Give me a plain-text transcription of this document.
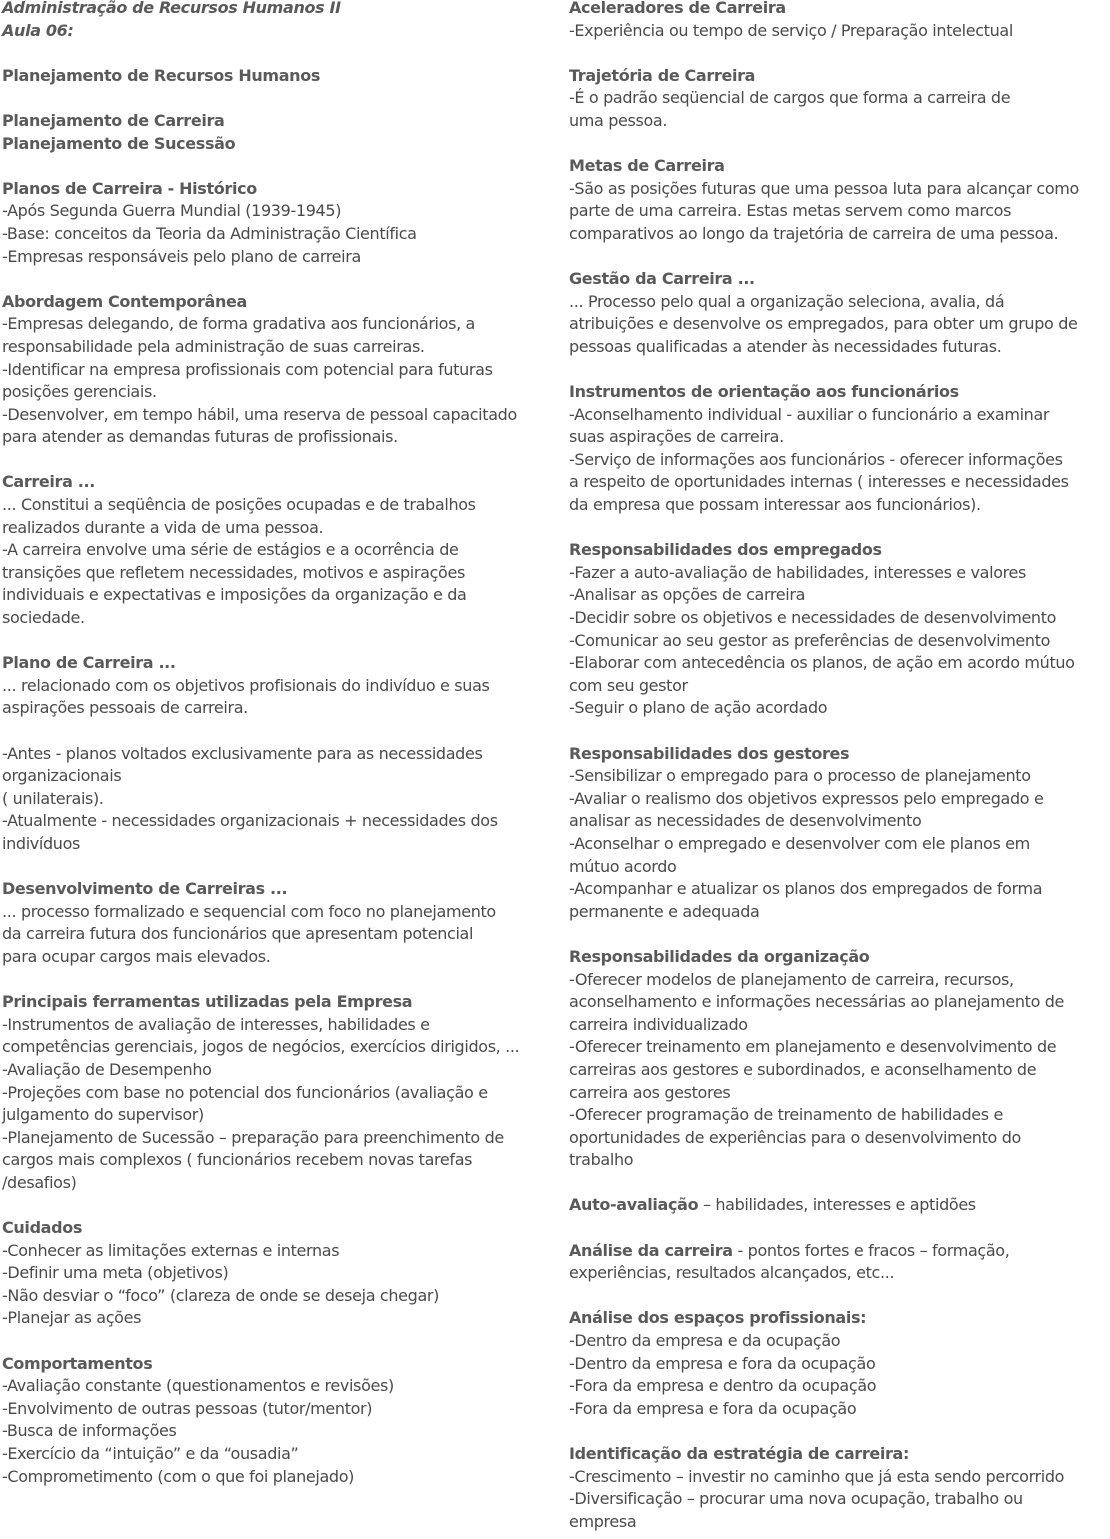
Administração de Recursos Humanos II
Aula 06:
Planejamento de Recursos Humanos
Planejamento de Carreira
Planejamento de Sucessão
Planos de Carreira - Histórico
-Após Segunda Guerra Mundial (1939-1945)
-Base: conceitos da Teoria da Administração Científica
-Empresas responsáveis pelo plano de carreira
Abordagem Contemporânea
-Empresas delegando, de forma gradativa aos funcionários, a
responsabilidade pela administração de suas carreiras.
-Identificar na empresa profissionais com potencial para futuras
posições gerenciais.
-Desenvolver, em tempo hábil, uma reserva de pessoal capacitado
para atender as demandas futuras de profissionais.
Carreira ...
... Constitui a seqüência de posições ocupadas e de trabalhos
realizados durante a vida de uma pessoa.
-A carreira envolve uma série de estágios e a ocorrência de
transições que refletem necessidades, motivos e aspirações
individuais e expectativas e imposições da organização e da
sociedade.
Plano de Carreira ...
... relacionado com os objetivos profisionais do indivíduo e suas
aspirações pessoais de carreira.
-Antes - planos voltados exclusivamente para as necessidades
organizacionais
( unilaterais).
-Atualmente - necessidades organizacionais + necessidades dos
indivíduos
Desenvolvimento de Carreiras ...
... processo formalizado e sequencial com foco no planejamento
da carreira futura dos funcionários que apresentam potencial
para ocupar cargos mais elevados.
Principais ferramentas utilizadas pela Empresa
-Instrumentos de avaliação de interesses, habilidades e
competências gerenciais, jogos de negócios, exercícios dirigidos, ...
-Avaliação de Desempenho
-Projeções com base no potencial dos funcionários (avaliação e
julgamento do supervisor)
-Planejamento de Sucessão – preparação para preenchimento de
cargos mais complexos ( funcionários recebem novas tarefas
/desafios)
Cuidados
-Conhecer as limitações externas e internas
-Definir uma meta (objetivos)
-Não desviar o “foco” (clareza de onde se deseja chegar)
-Planejar as ações
Comportamentos
-Avaliação constante (questionamentos e revisões)
-Envolvimento de outras pessoas (tutor/mentor)
-Busca de informações
-Exercício da “intuição” e da “ousadia”
-Comprometimento (com o que foi planejado)
Aceleradores de Carreira
-Experiência ou tempo de serviço / Preparação intelectual
Trajetória de Carreira
-É o padrão seqüencial de cargos que forma a carreira de
uma pessoa.
Metas de Carreira
-São as posições futuras que uma pessoa luta para alcançar como
parte de uma carreira. Estas metas servem como marcos
comparativos ao longo da trajetória de carreira de uma pessoa.
Gestão da Carreira ...
... Processo pelo qual a organização seleciona, avalia, dá
atribuições e desenvolve os empregados, para obter um grupo de
pessoas qualificadas a atender às necessidades futuras.
Instrumentos de orientação aos funcionários
-Aconselhamento individual - auxiliar o funcionário a examinar
suas aspirações de carreira.
-Serviço de informações aos funcionários - oferecer informações
a respeito de oportunidades internas ( interesses e necessidades
da empresa que possam interessar aos funcionários).
Responsabilidades dos empregados
-Fazer a auto-avaliação de habilidades, interesses e valores
-Analisar as opções de carreira
-Decidir sobre os objetivos e necessidades de desenvolvimento
-Comunicar ao seu gestor as preferências de desenvolvimento
-Elaborar com antecedência os planos, de ação em acordo mútuo
com seu gestor
-Seguir o plano de ação acordado
Responsabilidades dos gestores
-Sensibilizar o empregado para o processo de planejamento
-Avaliar o realismo dos objetivos expressos pelo empregado e
analisar as necessidades de desenvolvimento
-Aconselhar o empregado e desenvolver com ele planos em
mútuo acordo
-Acompanhar e atualizar os planos dos empregados de forma
permanente e adequada
Responsabilidades da organização
-Oferecer modelos de planejamento de carreira, recursos,
aconselhamento e informações necessárias ao planejamento de
carreira individualizado
-Oferecer treinamento em planejamento e desenvolvimento de
carreiras aos gestores e subordinados, e aconselhamento de
carreira aos gestores
-Oferecer programação de treinamento de habilidades e
oportunidades de experiências para o desenvolvimento do
trabalho
Auto-avaliação – habilidades, interesses e aptidões
Análise da carreira - pontos fortes e fracos – formação,
experiências, resultados alcançados, etc...
Análise dos espaços profissionais:
-Dentro da empresa e da ocupação
-Dentro da empresa e fora da ocupação
-Fora da empresa e dentro da ocupação
-Fora da empresa e fora da ocupação
Identificação da estratégia de carreira:
-Crescimento – investir no caminho que já esta sendo percorrido
-Diversificação – procurar uma nova ocupação, trabalho ou
empresa
